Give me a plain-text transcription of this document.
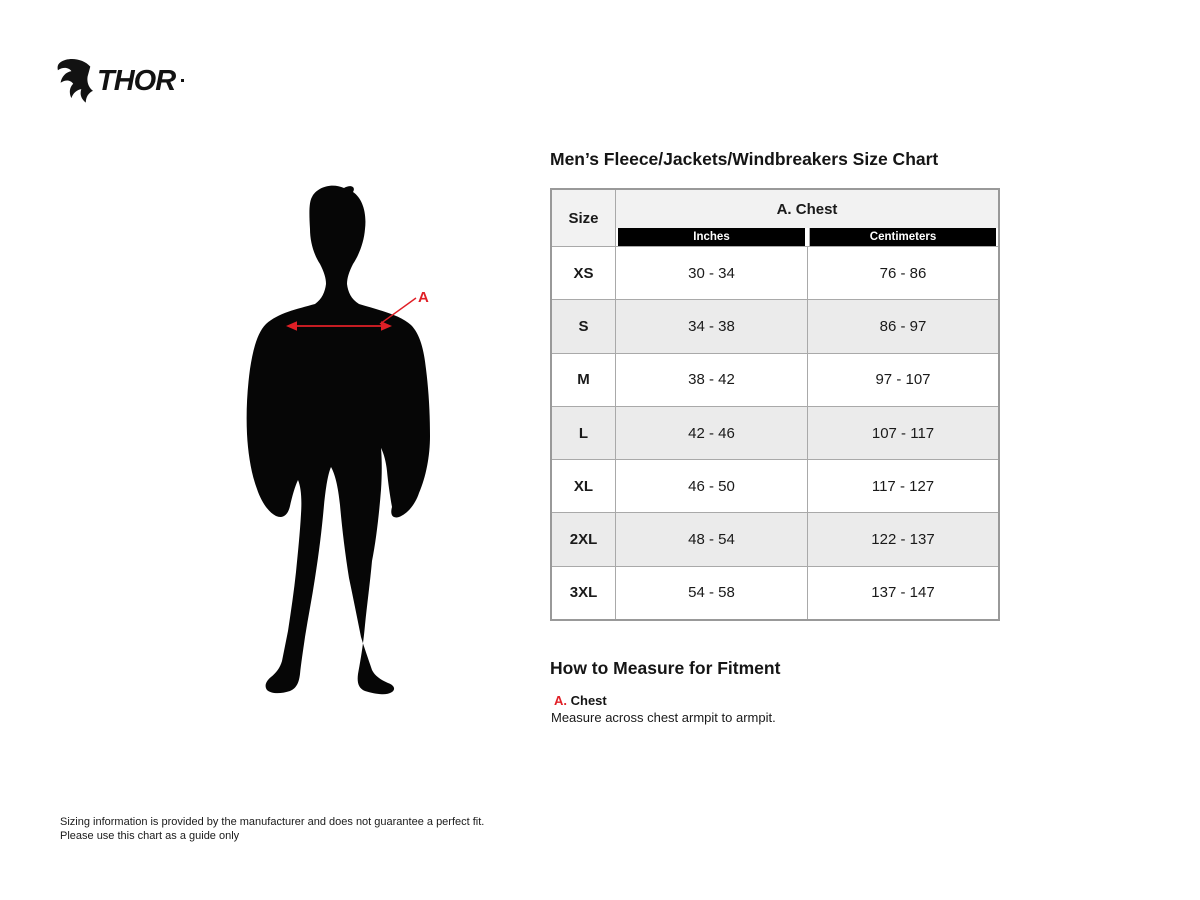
THOR
A
Men’s Fleece/Jackets/Windbreakers Size Chart
Size
A. Chest
Inches	Centimeters
XS	30 - 34	76 - 86
S	34 - 38	86 - 97
M	38 - 42	97 - 107
L	42 - 46	107 - 117
XL	46 - 50	117 - 127
2XL	48 - 54	122 - 137
3XL	54 - 58	137 - 147
How to Measure for Fitment
A. Chest
Measure across chest armpit to armpit.
Sizing information is provided by the manufacturer and does not guarantee a perfect fit.
Please use this chart as a guide only
